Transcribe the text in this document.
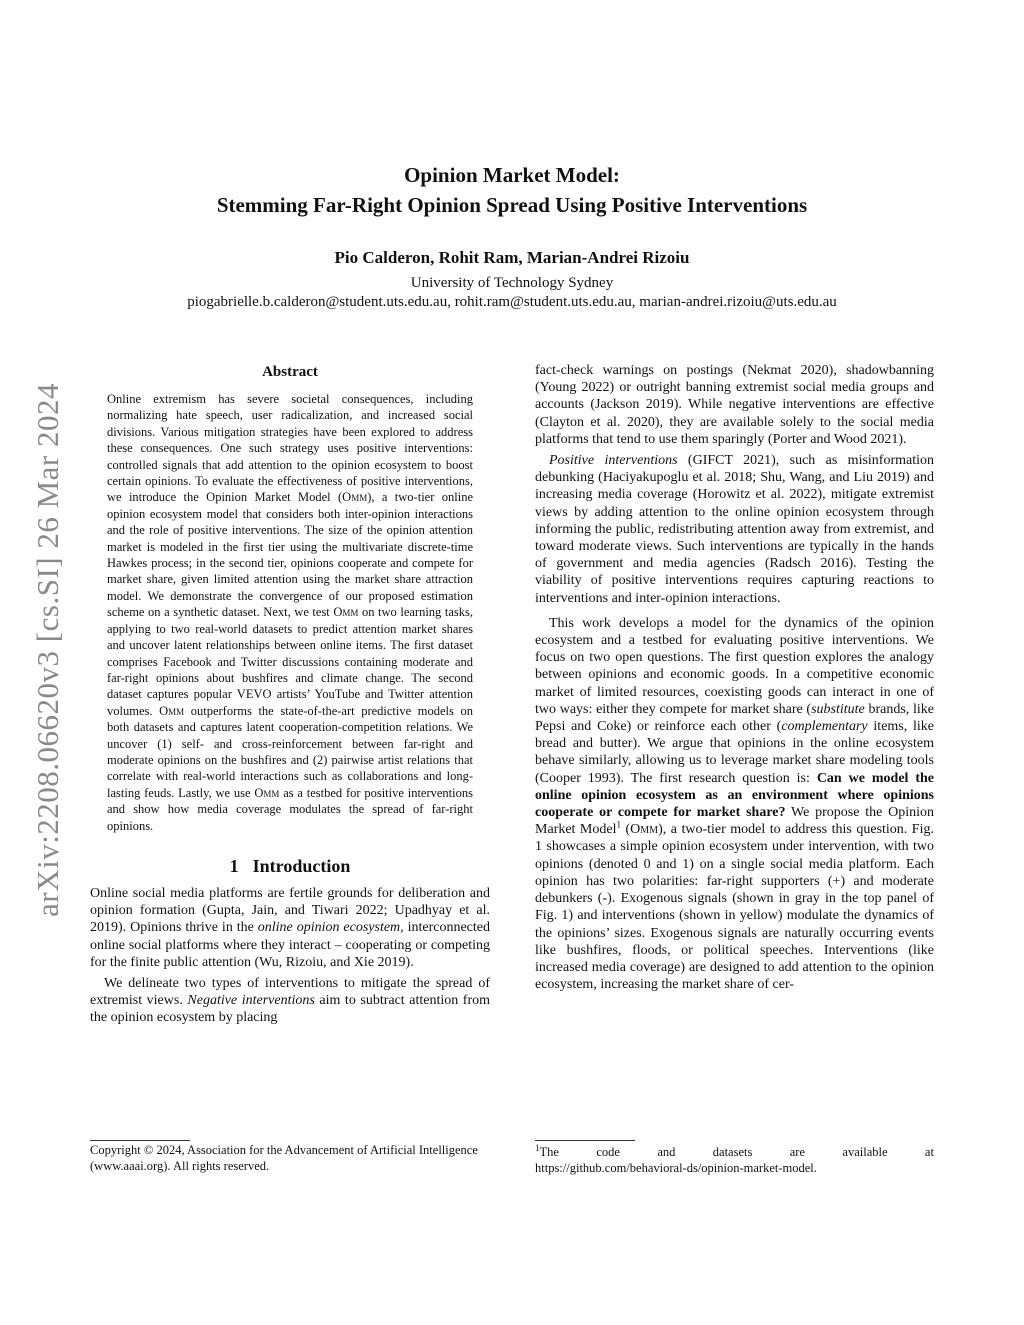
arXiv:2208.06620v3 [cs.SI] 26 Mar 2024
Opinion Market Model:
Stemming Far-Right Opinion Spread Using Positive Interventions
Pio Calderon, Rohit Ram, Marian-Andrei Rizoiu
University of Technology Sydney
piogabrielle.b.calderon@student.uts.edu.au, rohit.ram@student.uts.edu.au, marian-andrei.rizoiu@uts.edu.au
Abstract

Online extremism has severe societal consequences, including normalizing hate speech, user radicalization, and increased social divisions. Various mitigation strategies have been explored to address these consequences. One such strategy uses positive interventions: controlled signals that add attention to the opinion ecosystem to boost certain opinions. To evaluate the effectiveness of positive interventions, we introduce the Opinion Market Model (Omm), a two-tier online opinion ecosystem model that considers both inter-opinion interactions and the role of positive interventions. The size of the opinion attention market is modeled in the first tier using the multivariate discrete-time Hawkes process; in the second tier, opinions cooperate and compete for market share, given limited attention using the market share attraction model. We demonstrate the convergence of our proposed estimation scheme on a synthetic dataset. Next, we test Omm on two learning tasks, applying to two real-world datasets to predict attention market shares and uncover latent relationships between online items. The first dataset comprises Facebook and Twitter discussions containing moderate and far-right opinions about bushfires and climate change. The second dataset captures popular VEVO artists’ YouTube and Twitter attention volumes. Omm outperforms the state-of-the-art predictive models on both datasets and captures latent cooperation-competition relations. We uncover (1) self- and cross-reinforcement between far-right and moderate opinions on the bushfires and (2) pairwise artist relations that correlate with real-world interactions such as collaborations and long-lasting feuds. Lastly, we use Omm as a testbed for positive interventions and show how media coverage modulates the spread of far-right opinions.

1 Introduction

Online social media platforms are fertile grounds for deliberation and opinion formation (Gupta, Jain, and Tiwari 2022; Upadhyay et al. 2019). Opinions thrive in the online opinion ecosystem, interconnected online social platforms where they interact – cooperating or competing for the finite public attention (Wu, Rizoiu, and Xie 2019).

We delineate two types of interventions to mitigate the spread of extremist views. Negative interventions aim to subtract attention from the opinion ecosystem by placing

Copyright © 2024, Association for the Advancement of Artificial Intelligence (www.aaai.org). All rights reserved.

fact-check warnings on postings (Nekmat 2020), shadowbanning (Young 2022) or outright banning extremist social media groups and accounts (Jackson 2019). While negative interventions are effective (Clayton et al. 2020), they are available solely to the social media platforms that tend to use them sparingly (Porter and Wood 2021).

Positive interventions (GIFCT 2021), such as misinformation debunking (Haciyakupoglu et al. 2018; Shu, Wang, and Liu 2019) and increasing media coverage (Horowitz et al. 2022), mitigate extremist views by adding attention to the online opinion ecosystem through informing the public, redistributing attention away from extremist, and toward moderate views. Such interventions are typically in the hands of government and media agencies (Radsch 2016). Testing the viability of positive interventions requires capturing reactions to interventions and inter-opinion interactions.

This work develops a model for the dynamics of the opinion ecosystem and a testbed for evaluating positive interventions. We focus on two open questions. The first question explores the analogy between opinions and economic goods. In a competitive economic market of limited resources, coexisting goods can interact in one of two ways: either they compete for market share (substitute brands, like Pepsi and Coke) or reinforce each other (complementary items, like bread and butter). We argue that opinions in the online ecosystem behave similarly, allowing us to leverage market share modeling tools (Cooper 1993). The first research question is: Can we model the online opinion ecosystem as an environment where opinions cooperate or compete for market share? We propose the Opinion Market Model$^1$ (Omm), a two-tier model to address this question. Fig. 1 showcases a simple opinion ecosystem under intervention, with two opinions (denoted 0 and 1) on a single social media platform. Each opinion has two polarities: far-right supporters (+) and moderate debunkers (-). Exogenous signals (shown in gray in the top panel of Fig. 1) and interventions (shown in yellow) modulate the dynamics of the opinions’ sizes. Exogenous signals are naturally occurring events like bushfires, floods, or political speeches. Interventions (like increased media coverage) are designed to add attention to the opinion ecosystem, increasing the market share of cer-

$^1$The	code	and	datasets	are	available	at
https://github.com/behavioral-ds/opinion-market-model.
